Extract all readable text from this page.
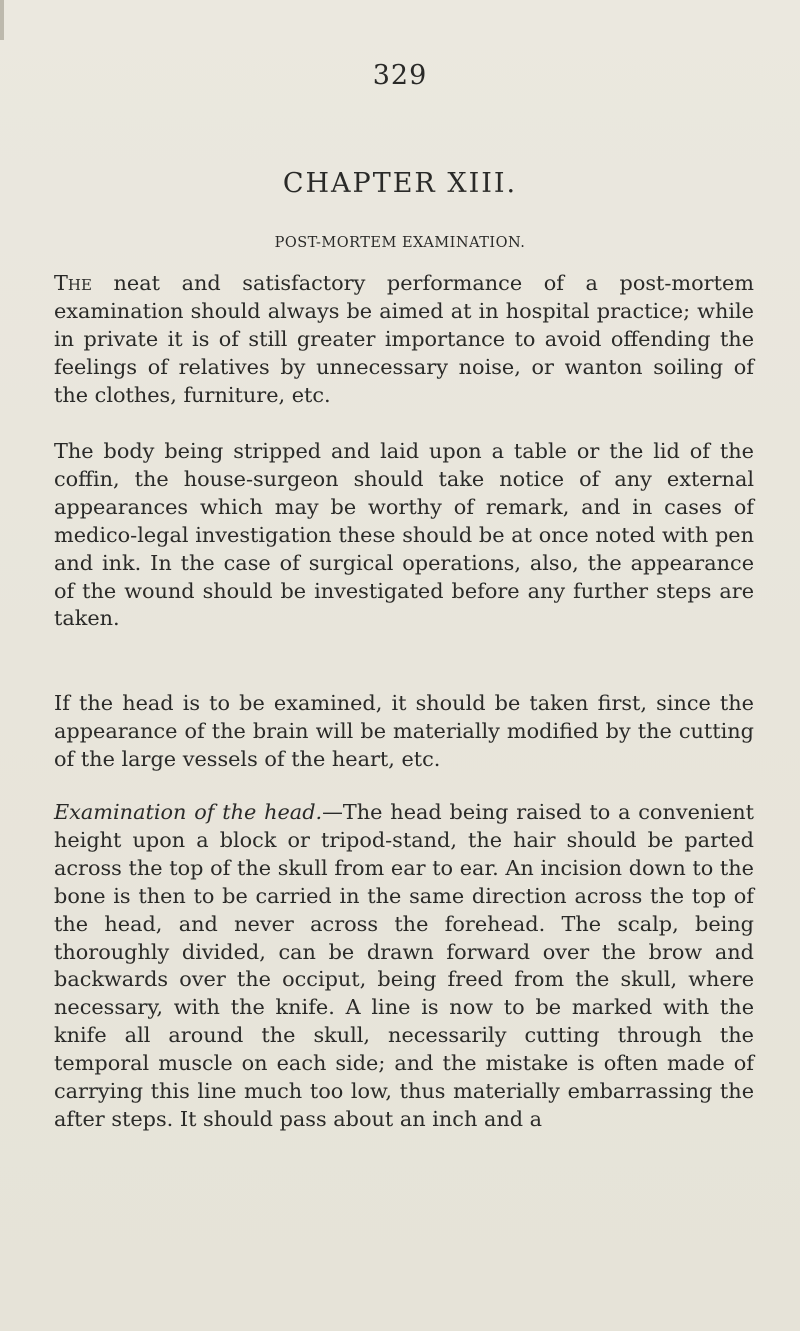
329
CHAPTER XIII.
POST-MORTEM EXAMINATION.

The neat and satisfactory performance of a post-mortem examination should always be aimed at in hospital practice; while in private it is of still greater importance to avoid offending the feelings of relatives by unnecessary noise, or wanton soiling of the clothes, furniture, etc.

The body being stripped and laid upon a table or the lid of the coffin, the house-surgeon should take notice of any external appearances which may be worthy of remark, and in cases of medico-legal investigation these should be at once noted with pen and ink. In the case of surgical operations, also, the appearance of the wound should be investigated before any further steps are taken.

If the head is to be examined, it should be taken first, since the appearance of the brain will be materially modified by the cutting of the large vessels of the heart, etc.

Examination of the head.—The head being raised to a convenient height upon a block or tripod-stand, the hair should be parted across the top of the skull from ear to ear. An incision down to the bone is then to be carried in the same direction across the top of the head, and never across the forehead. The scalp, being thoroughly divided, can be drawn forward over the brow and backwards over the occiput, being freed from the skull, where necessary, with the knife. A line is now to be marked with the knife all around the skull, necessarily cutting through the temporal muscle on each side; and the mistake is often made of carrying this line much too low, thus materially embarrassing the after steps. It should pass about an inch and a
